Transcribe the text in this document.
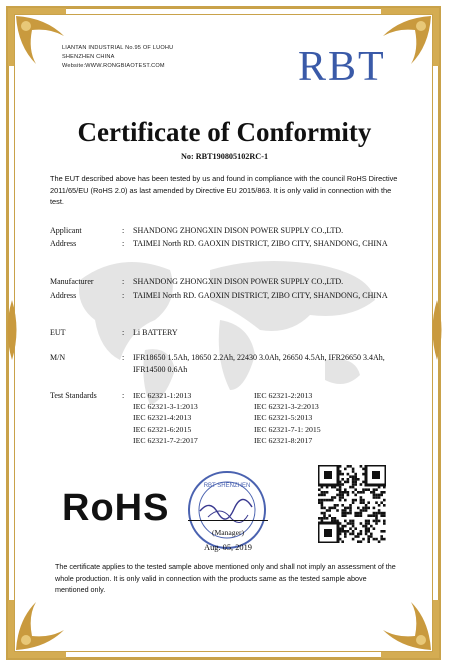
LIANTAN INDUSTRIAL No.95 OF LUOHU
SHENZHEN CHINA
Website:WWW.RONGBIAOTEST.COM	RBT
Certificate of Conformity
No: RBT190805102RC-1
The EUT described above has been tested by us and found in compliance with the council RoHS Directive 2011/65/EU (RoHS 2.0) as last amended by Directive EU 2015/863. It is only valid in connection with the test.
Applicant	: SHANDONG ZHONGXIN DISON POWER SUPPLY CO.,LTD.
Address	: TAIMEI North RD. GAOXIN DISTRICT, ZIBO CITY, SHANDONG, CHINA
Manufacturer	: SHANDONG ZHONGXIN DISON POWER SUPPLY CO.,LTD.
Address	: TAIMEI North RD. GAOXIN DISTRICT, ZIBO CITY, SHANDONG, CHINA
EUT	: Li BATTERY
M/N	: IFR18650 1.5Ah, 18650 2.2Ah, 22430 3.0Ah, 26650 4.5Ah, IFR26650 3.4Ah, IFR14500 0.6Ah
Test Standards	: IEC 62321-1:2013
IEC 62321-3-1:2013
IEC 62321-4:2013
IEC 62321-6:2015
IEC 62321-7-2:2017
IEC 62321-2:2013
IEC 62321-3-2:2013
IEC 62321-5:2013
IEC 62321-7-1: 2015
IEC 62321-8:2017
RoHS
RBT SHENZHEN
(Manager)
Aug. 05, 2019
The certificate applies to the tested sample above mentioned only and shall not imply an assessment of the whole production. It is only valid in connection with the products same as the tested sample above mentioned only.
